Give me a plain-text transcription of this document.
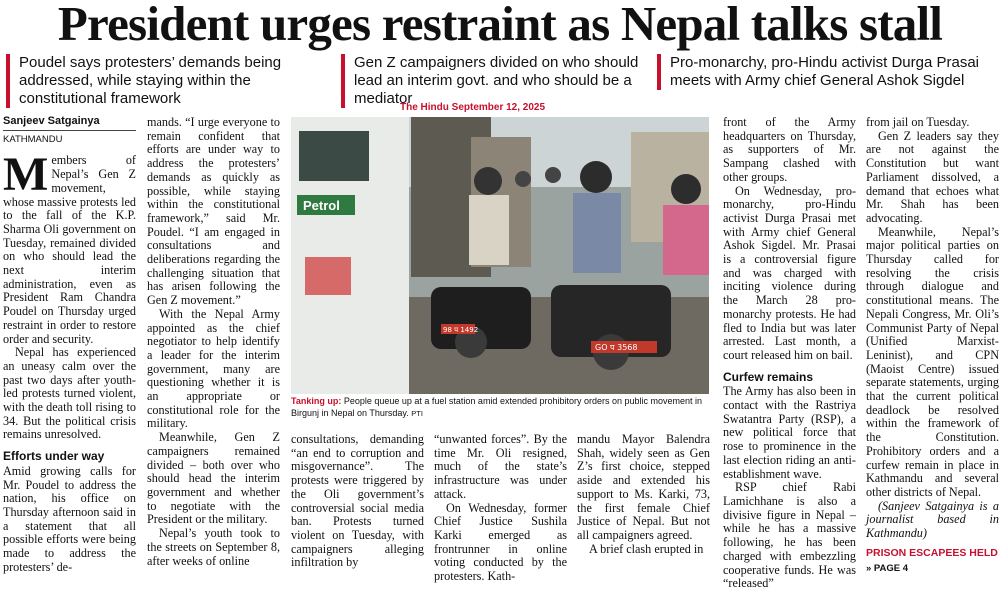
President urges restraint as Nepal talks stall
Poudel says protesters’ demands being addressed, while staying within the constitutional framework
Gen Z campaigners divided on who should lead an interim govt. and who should be a mediator
Pro-monarchy, pro-Hindu activist Durga Prasai meets with Army chief General Ashok Sigdel
The Hindu September 12, 2025
Sanjeev Satgainya
KATHMANDU

Members of Nepal’s Gen Z movement, whose massive protests led to the fall of the K.P. Sharma Oli government on Tuesday, remained divided on who should lead the next interim administration, even as President Ram Chandra Poudel on Thursday urged restraint in order to restore order and security.

Nepal has experienced an uneasy calm over the past two days after youth-led protests turned violent, with the death toll rising to 34. But the political crisis remains unresolved.

Efforts under way

Amid growing calls for Mr. Poudel to address the nation, his office on Thursday afternoon said in a statement that all possible efforts were being made to address the protesters’ de-

mands. “I urge everyone to remain confident that efforts are under way to address the protesters’ demands as quickly as possible, while staying within the constitutional framework,” said Mr. Poudel. “I am engaged in consultations and deliberations regarding the challenging situation that has arisen following the Gen Z movement.”

With the Nepal Army appointed as the chief negotiator to help identify a leader for the interim government, many are questioning whether it is an appropriate or constitutional role for the military.

Meanwhile, Gen Z campaigners remained divided – both over who should head the interim government and whether to negotiate with the President or the military.

Nepal’s youth took to the streets on September 8, after weeks of online

Petrol
98 प 1492
GO प 3568
Tanking up: People queue up at a fuel station amid extended prohibitory orders on public movement in Birgunj in Nepal on Thursday. PTI

consultations, demanding “an end to corruption and misgovernance”. The protests were triggered by the Oli government’s controversial social media ban. Protests turned violent on Tuesday, with campaigners alleging infiltration by

“unwanted forces”. By the time Mr. Oli resigned, much of the state’s infrastructure was under attack.

On Wednesday, former Chief Justice Sushila Karki emerged as frontrunner in online voting conducted by the protesters. Kath-

mandu Mayor Balendra Shah, widely seen as Gen Z’s first choice, stepped aside and extended his support to Ms. Karki, 73, the first female Chief Justice of Nepal. But not all campaigners agreed.

A brief clash erupted in

front of the Army headquarters on Thursday, as supporters of Mr. Sampang clashed with other groups.

On Wednesday, pro-monarchy, pro-Hindu activist Durga Prasai met with Army chief General Ashok Sigdel. Mr. Prasai is a controversial figure and was charged with inciting violence during the March 28 pro-monarchy protests. He had fled to India but was later arrested. Last month, a court released him on bail.

Curfew remains

The Army has also been in contact with the Rastriya Swatantra Party (RSP), a new political force that rose to prominence in the last election riding an anti-establishment wave.

RSP chief Rabi Lamichhane is also a divisive figure in Nepal – while he has a massive following, he has been charged with embezzling cooperative funds. He was “released”

from jail on Tuesday.

Gen Z leaders say they are not against the Constitution but want Parliament dissolved, a demand that echoes what Mr. Shah has been advocating.

Meanwhile, Nepal’s major political parties on Thursday called for resolving the crisis through dialogue and constitutional means. The Nepali Congress, Mr. Oli’s Communist Party of Nepal (Unified Marxist-Leninist), and CPN (Maoist Centre) issued separate statements, urging that the current political deadlock be resolved within the framework of the Constitution. Prohibitory orders and a curfew remain in place in Kathmandu and several other districts of Nepal.

(Sanjeev Satgainya is a journalist based in Kathmandu)

PRISON ESCAPEES HELD
» PAGE 4
